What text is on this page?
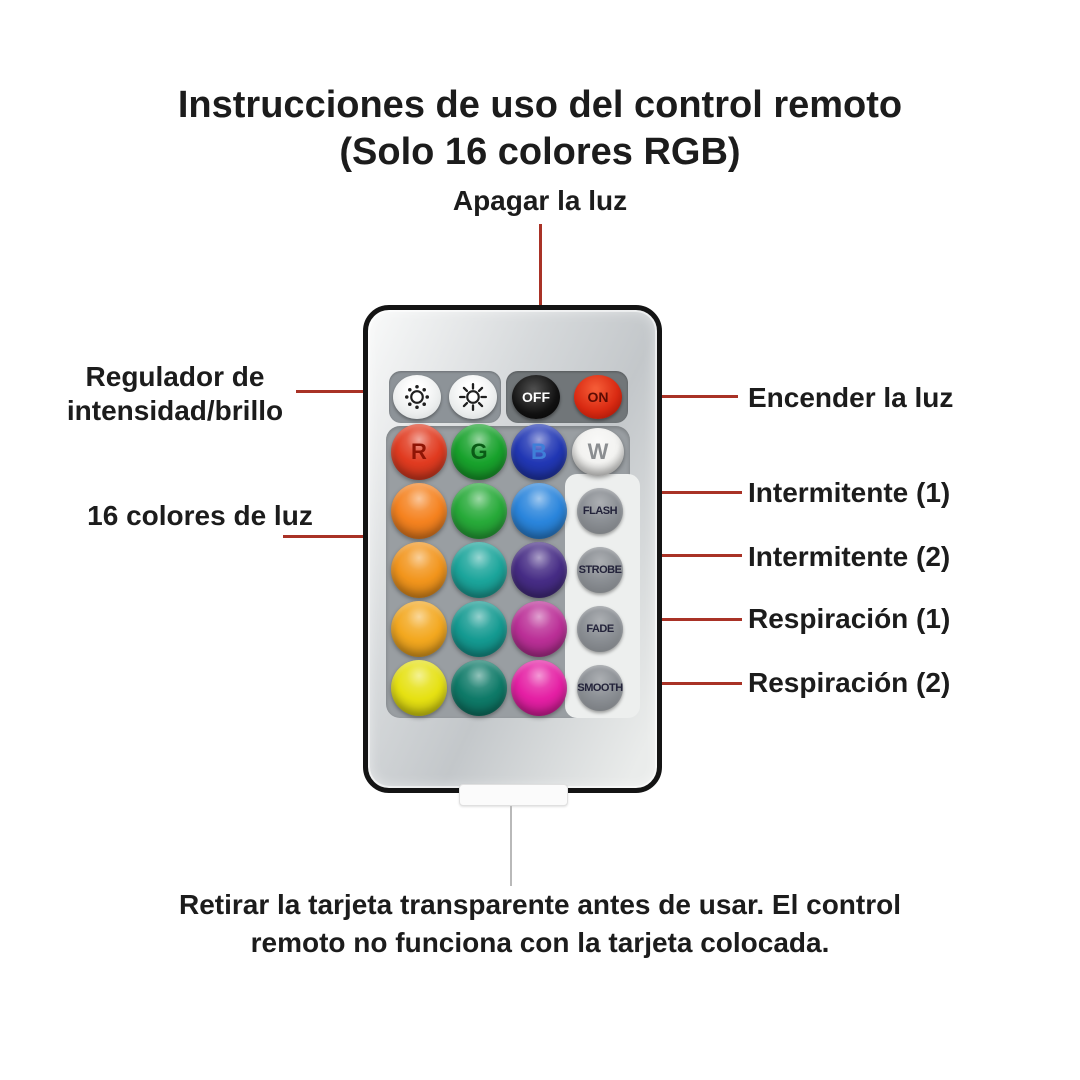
Instrucciones de uso del control remoto
(Solo 16 colores RGB)
Apagar la luz
Regulador de
intensidad/brillo
16 colores de luz
Encender la luz
Intermitente (1)
Intermitente (2)
Respiración (1)
Respiración (2)
OFF	ON
R	G	B	W
FLASH
STROBE
FADE
SMOOTH
Retirar la tarjeta transparente antes de usar. El control
remoto no funciona con la tarjeta colocada.
